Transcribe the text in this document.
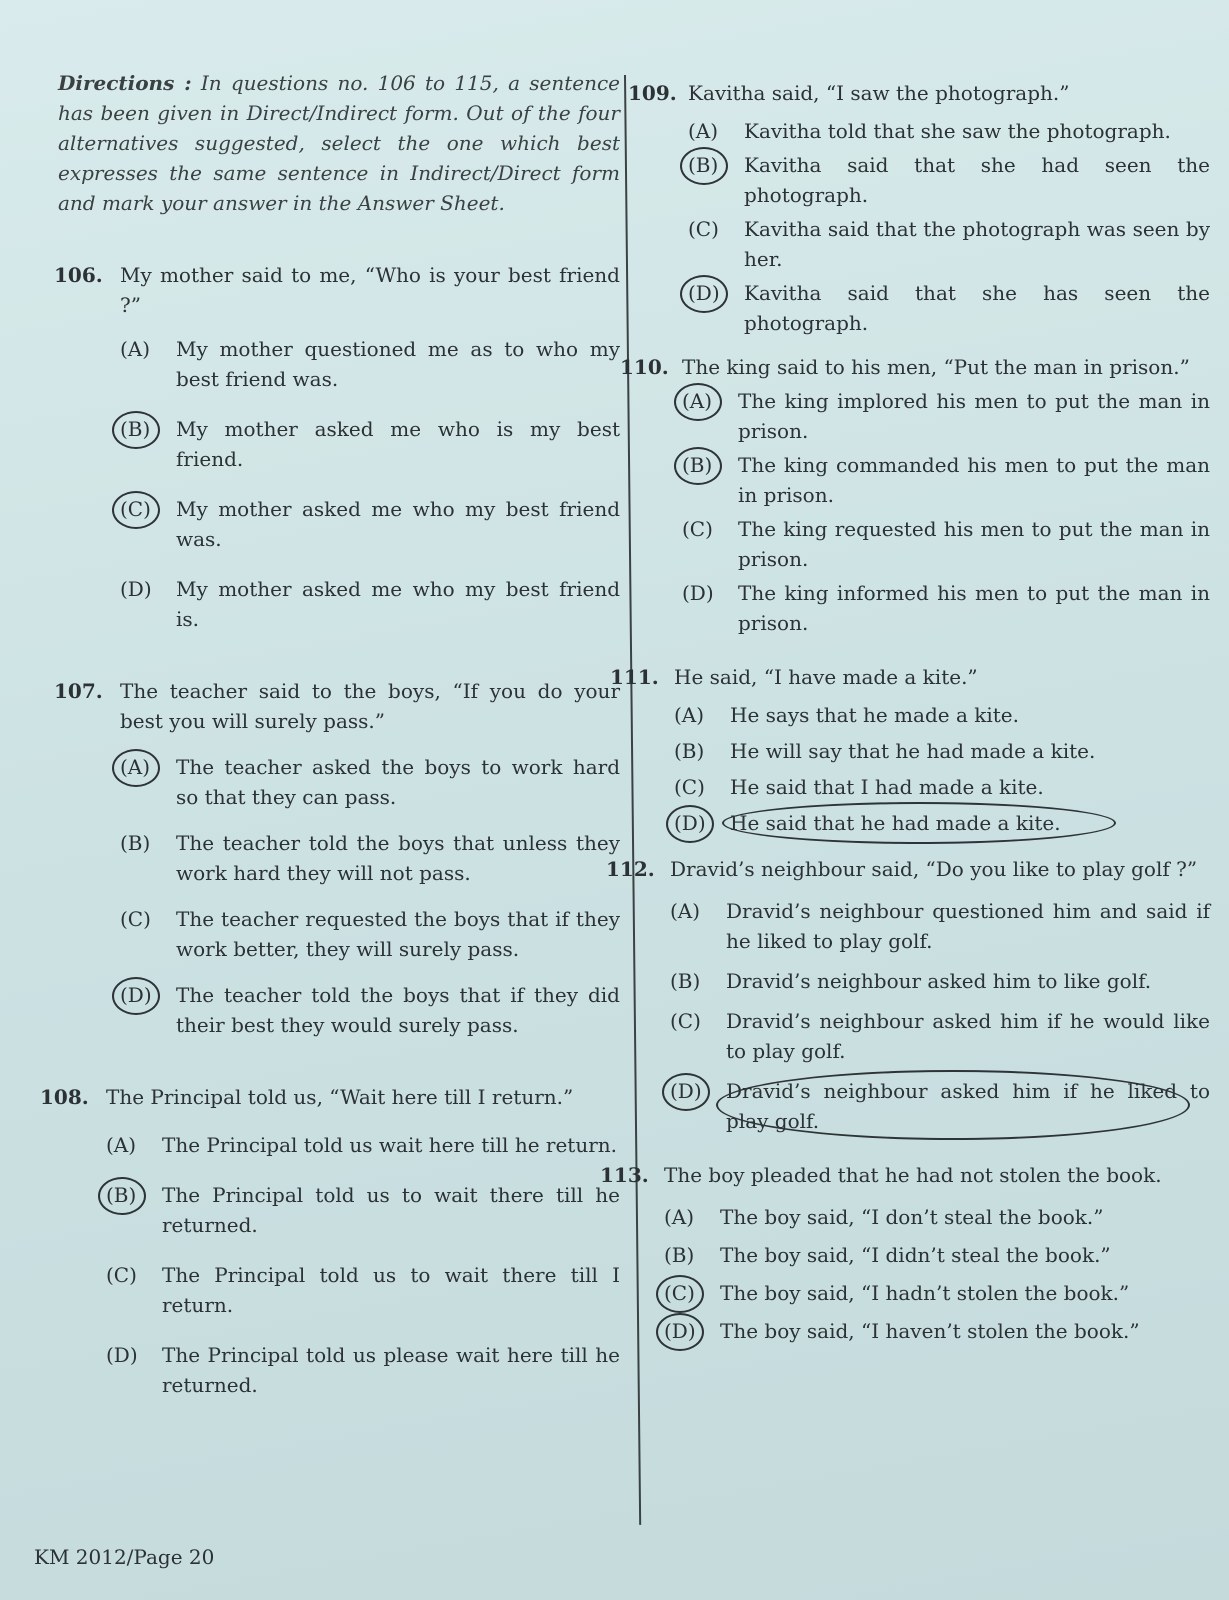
Directions : In questions no. 106 to 115, a sentence has been given in Direct/Indirect form. Out of the four alternatives suggested, select the one which best expresses the same sentence in Indirect/Direct form and mark your answer in the Answer Sheet.
106. My mother said to me, “Who is your best friend ?”
(A)	My mother questioned me as to who my best friend was.
(B)	My mother asked me who is my best friend.
(C)	My mother asked me who my best friend was.
(D)	My mother asked me who my best friend is.
107. The teacher said to the boys, “If you do your best you will surely pass.”
(A)	The teacher asked the boys to work hard so that they can pass.
(B)	The teacher told the boys that unless they work hard they will not pass.
(C)	The teacher requested the boys that if they work better, they will surely pass.
(D)	The teacher told the boys that if they did their best they would surely pass.
108. The Principal told us, “Wait here till I return.”
(A)	The Principal told us wait here till he return.
(B)	The Principal told us to wait there till he returned.
(C)	The Principal told us to wait there till I return.
(D)	The Principal told us please wait here till he returned.
109. Kavitha said, “I saw the photograph.”
(A)	Kavitha told that she saw the photograph.
(B)	Kavitha said that she had seen the photograph.
(C)	Kavitha said that the photograph was seen by her.
(D)	Kavitha said that she has seen the photograph.
110. The king said to his men, “Put the man in prison.”
(A)	The king implored his men to put the man in prison.
(B)	The king commanded his men to put the man in prison.
(C)	The king requested his men to put the man in prison.
(D)	The king informed his men to put the man in prison.
111. He said, “I have made a kite.”
(A)	He says that he made a kite.
(B)	He will say that he had made a kite.
(C)	He said that I had made a kite.
(D)	He said that he had made a kite.
112. Dravid’s neighbour said, “Do you like to play golf ?”
(A)	Dravid’s neighbour questioned him and said if he liked to play golf.
(B)	Dravid’s neighbour asked him to like golf.
(C)	Dravid’s neighbour asked him if he would like to play golf.
(D)	Dravid’s neighbour asked him if he liked to play golf.
113. The boy pleaded that he had not stolen the book.
(A)	The boy said, “I don’t steal the book.”
(B)	The boy said, “I didn’t steal the book.”
(C)	The boy said, “I hadn’t stolen the book.”
(D)	The boy said, “I haven’t stolen the book.”
KM 2012/Page 20
